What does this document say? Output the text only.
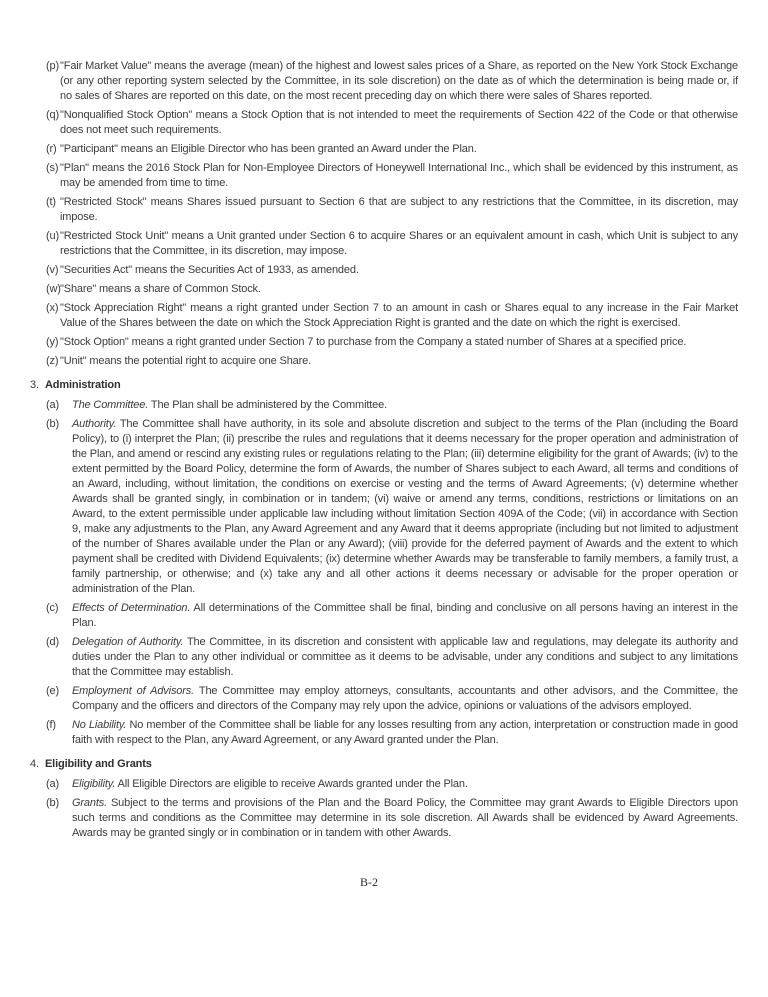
(p) "Fair Market Value" means the average (mean) of the highest and lowest sales prices of a Share, as reported on the New York Stock Exchange (or any other reporting system selected by the Committee, in its sole discretion) on the date as of which the determination is being made or, if no sales of Shares are reported on this date, on the most recent preceding day on which there were sales of Shares reported.

(q) "Nonqualified Stock Option" means a Stock Option that is not intended to meet the requirements of Section 422 of the Code or that otherwise does not meet such requirements.

(r) "Participant" means an Eligible Director who has been granted an Award under the Plan.

(s) "Plan" means the 2016 Stock Plan for Non-Employee Directors of Honeywell International Inc., which shall be evidenced by this instrument, as may be amended from time to time.

(t) "Restricted Stock" means Shares issued pursuant to Section 6 that are subject to any restrictions that the Committee, in its discretion, may impose.

(u) "Restricted Stock Unit" means a Unit granted under Section 6 to acquire Shares or an equivalent amount in cash, which Unit is subject to any restrictions that the Committee, in its discretion, may impose.

(v) "Securities Act" means the Securities Act of 1933, as amended.

(w) "Share" means a share of Common Stock.

(x) "Stock Appreciation Right" means a right granted under Section 7 to an amount in cash or Shares equal to any increase in the Fair Market Value of the Shares between the date on which the Stock Appreciation Right is granted and the date on which the right is exercised.

(y) "Stock Option" means a right granted under Section 7 to purchase from the Company a stated number of Shares at a specified price.

(z) "Unit" means the potential right to acquire one Share.

3. Administration

(a) The Committee. The Plan shall be administered by the Committee.

(b) Authority. The Committee shall have authority, in its sole and absolute discretion and subject to the terms of the Plan (including the Board Policy), to (i) interpret the Plan; (ii) prescribe the rules and regulations that it deems necessary for the proper operation and administration of the Plan, and amend or rescind any existing rules or regulations relating to the Plan; (iii) determine eligibility for the grant of Awards; (iv) to the extent permitted by the Board Policy, determine the form of Awards, the number of Shares subject to each Award, all terms and conditions of an Award, including, without limitation, the conditions on exercise or vesting and the terms of Award Agreements; (v) determine whether Awards shall be granted singly, in combination or in tandem; (vi) waive or amend any terms, conditions, restrictions or limitations on an Award, to the extent permissible under applicable law including without limitation Section 409A of the Code; (vii) in accordance with Section 9, make any adjustments to the Plan, any Award Agreement and any Award that it deems appropriate (including but not limited to adjustment of the number of Shares available under the Plan or any Award); (viii) provide for the deferred payment of Awards and the extent to which payment shall be credited with Dividend Equivalents; (ix) determine whether Awards may be transferable to family members, a family trust, a family partnership, or otherwise; and (x) take any and all other actions it deems necessary or advisable for the proper operation or administration of the Plan.

(c) Effects of Determination. All determinations of the Committee shall be final, binding and conclusive on all persons having an interest in the Plan.

(d) Delegation of Authority. The Committee, in its discretion and consistent with applicable law and regulations, may delegate its authority and duties under the Plan to any other individual or committee as it deems to be advisable, under any conditions and subject to any limitations that the Committee may establish.

(e) Employment of Advisors. The Committee may employ attorneys, consultants, accountants and other advisors, and the Committee, the Company and the officers and directors of the Company may rely upon the advice, opinions or valuations of the advisors employed.

(f) No Liability. No member of the Committee shall be liable for any losses resulting from any action, interpretation or construction made in good faith with respect to the Plan, any Award Agreement, or any Award granted under the Plan.

4. Eligibility and Grants

(a) Eligibility. All Eligible Directors are eligible to receive Awards granted under the Plan.

(b) Grants. Subject to the terms and provisions of the Plan and the Board Policy, the Committee may grant Awards to Eligible Directors upon such terms and conditions as the Committee may determine in its sole discretion. All Awards shall be evidenced by Award Agreements. Awards may be granted singly or in combination or in tandem with other Awards.

B-2
